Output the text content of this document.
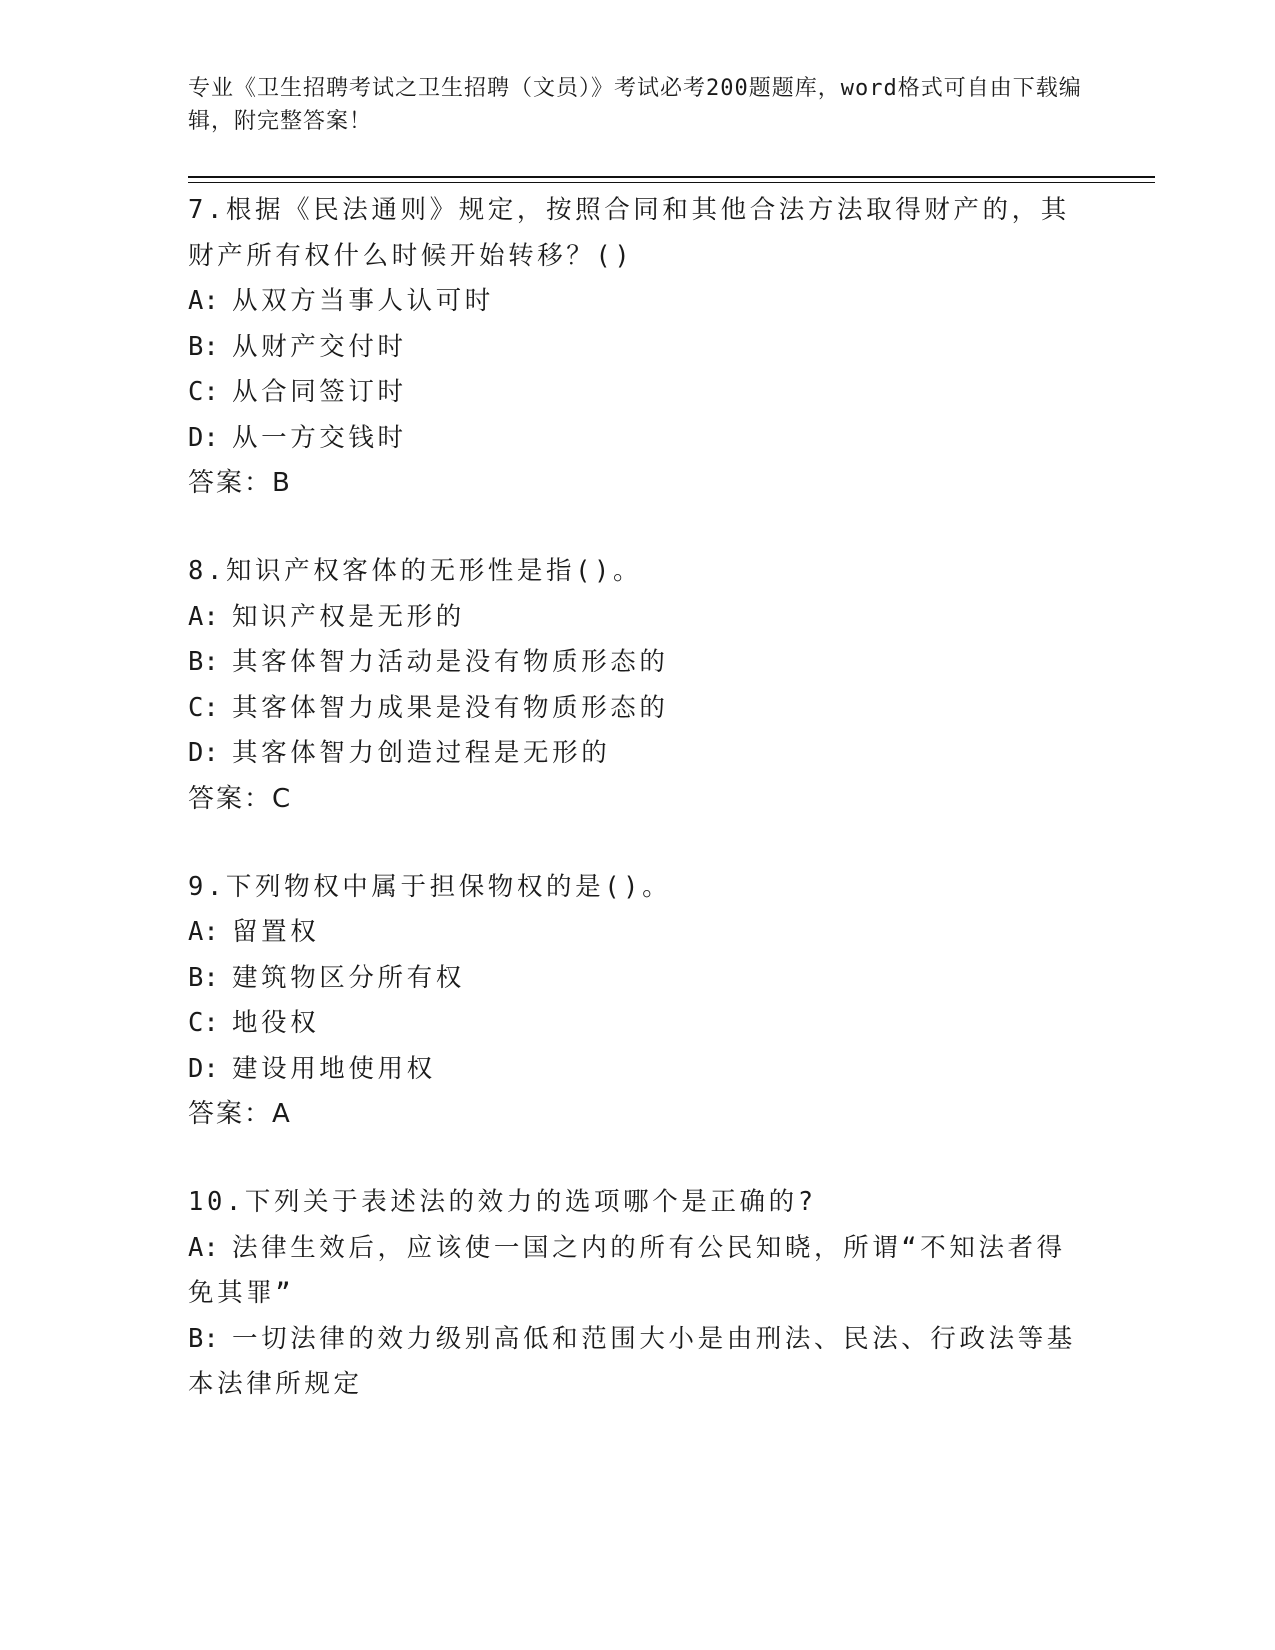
专业《卫生招聘考试之卫生招聘（文员）》考试必考200题题库，word格式可自由下载编辑，附完整答案！

7.根据《民法通则》规定，按照合同和其他合法方法取得财产的，其财产所有权什么时候开始转移？()

A: 从双方当事人认可时

B: 从财产交付时

C: 从合同签订时

D: 从一方交钱时

答案：B

8.知识产权客体的无形性是指()。

A: 知识产权是无形的

B: 其客体智力活动是没有物质形态的

C: 其客体智力成果是没有物质形态的

D: 其客体智力创造过程是无形的

答案：C

9.下列物权中属于担保物权的是()。

A: 留置权

B: 建筑物区分所有权

C: 地役权

D: 建设用地使用权

答案：A

10.下列关于表述法的效力的选项哪个是正确的?

A: 法律生效后，应该使一国之内的所有公民知晓，所谓“不知法者得免其罪”

B: 一切法律的效力级别高低和范围大小是由刑法、民法、行政法等基本法律所规定
